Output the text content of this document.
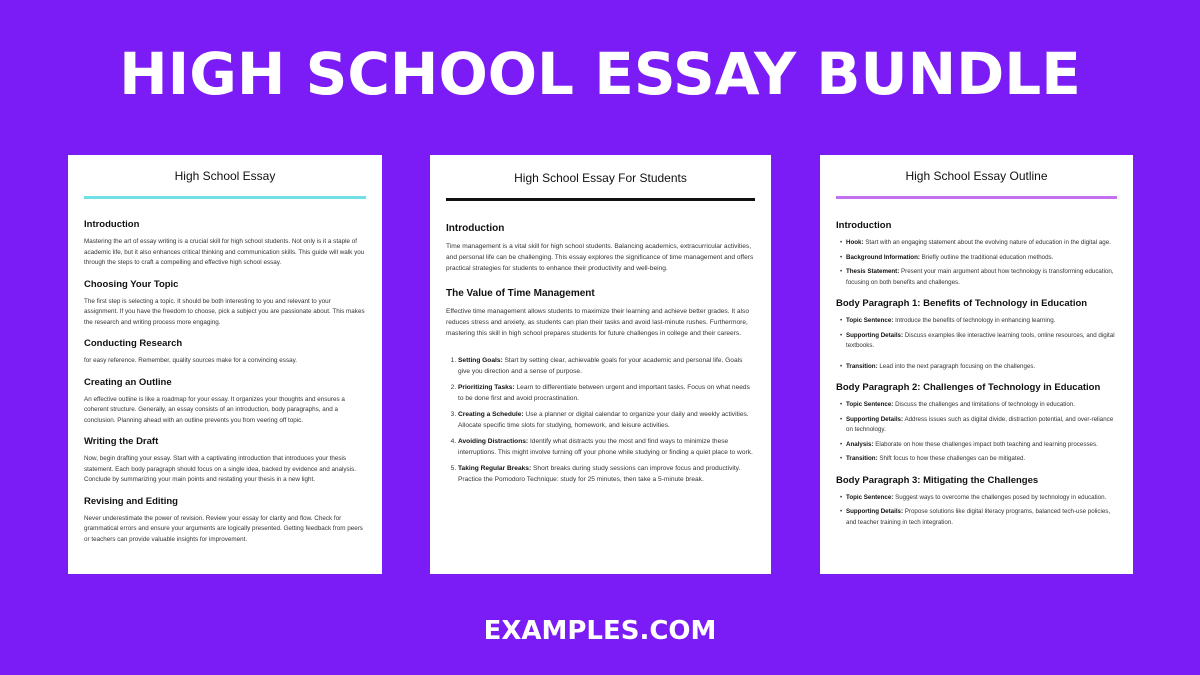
HIGH SCHOOL ESSAY BUNDLE
High School Essay
Introduction
Mastering the art of essay writing is a crucial skill for high school students. Not only is it a staple of academic life, but it also enhances critical thinking and communication skills. This guide will walk you through the steps to craft a compelling and effective high school essay.
Choosing Your Topic
The first step is selecting a topic. It should be both interesting to you and relevant to your assignment. If you have the freedom to choose, pick a subject you are passionate about. This makes the research and writing process more engaging.
Conducting Research
for easy reference. Remember, quality sources make for a convincing essay.
Creating an Outline
An effective outline is like a roadmap for your essay. It organizes your thoughts and ensures a coherent structure. Generally, an essay consists of an introduction, body paragraphs, and a conclusion. Planning ahead with an outline prevents you from veering off topic.
Writing the Draft
Now, begin drafting your essay. Start with a captivating introduction that introduces your thesis statement. Each body paragraph should focus on a single idea, backed by evidence and analysis. Conclude by summarizing your main points and restating your thesis in a new light.
Revising and Editing
Never underestimate the power of revision. Review your essay for clarity and flow. Check for grammatical errors and ensure your arguments are logically presented. Getting feedback from peers or teachers can provide valuable insights for improvement.
High School Essay For Students
Introduction
Time management is a vital skill for high school students. Balancing academics, extracurricular activities, and personal life can be challenging. This essay explores the significance of time management and offers practical strategies for students to enhance their productivity and well-being.
The Value of Time Management
Effective time management allows students to maximize their learning and achieve better grades. It also reduces stress and anxiety, as students can plan their tasks and avoid last-minute rushes. Furthermore, mastering this skill in high school prepares students for future challenges in college and their careers.
1. Setting Goals: Start by setting clear, achievable goals for your academic and personal life. Goals give you direction and a sense of purpose.
2. Prioritizing Tasks: Learn to differentiate between urgent and important tasks. Focus on what needs to be done first and avoid procrastination.
3. Creating a Schedule: Use a planner or digital calendar to organize your daily and weekly activities. Allocate specific time slots for studying, homework, and leisure activities.
4. Avoiding Distractions: Identify what distracts you the most and find ways to minimize these interruptions. This might involve turning off your phone while studying or finding a quiet place to work.
5. Taking Regular Breaks: Short breaks during study sessions can improve focus and productivity. Practice the Pomodoro Technique: study for 25 minutes, then take a 5-minute break.
High School Essay Outline
Introduction
• Hook: Start with an engaging statement about the evolving nature of education in the digital age.
• Background Information: Briefly outline the traditional education methods.
• Thesis Statement: Present your main argument about how technology is transforming education, focusing on both benefits and challenges.
Body Paragraph 1: Benefits of Technology in Education
• Topic Sentence: Introduce the benefits of technology in enhancing learning.
• Supporting Details: Discuss examples like interactive learning tools, online resources, and digital textbooks.
• Transition: Lead into the next paragraph focusing on the challenges.
Body Paragraph 2: Challenges of Technology in Education
• Topic Sentence: Discuss the challenges and limitations of technology in education.
• Supporting Details: Address issues such as digital divide, distraction potential, and over-reliance on technology.
• Analysis: Elaborate on how these challenges impact both teaching and learning processes.
• Transition: Shift focus to how these challenges can be mitigated.
Body Paragraph 3: Mitigating the Challenges
• Topic Sentence: Suggest ways to overcome the challenges posed by technology in education.
• Supporting Details: Propose solutions like digital literacy programs, balanced tech-use policies, and teacher training in tech integration.
EXAMPLES.COM
